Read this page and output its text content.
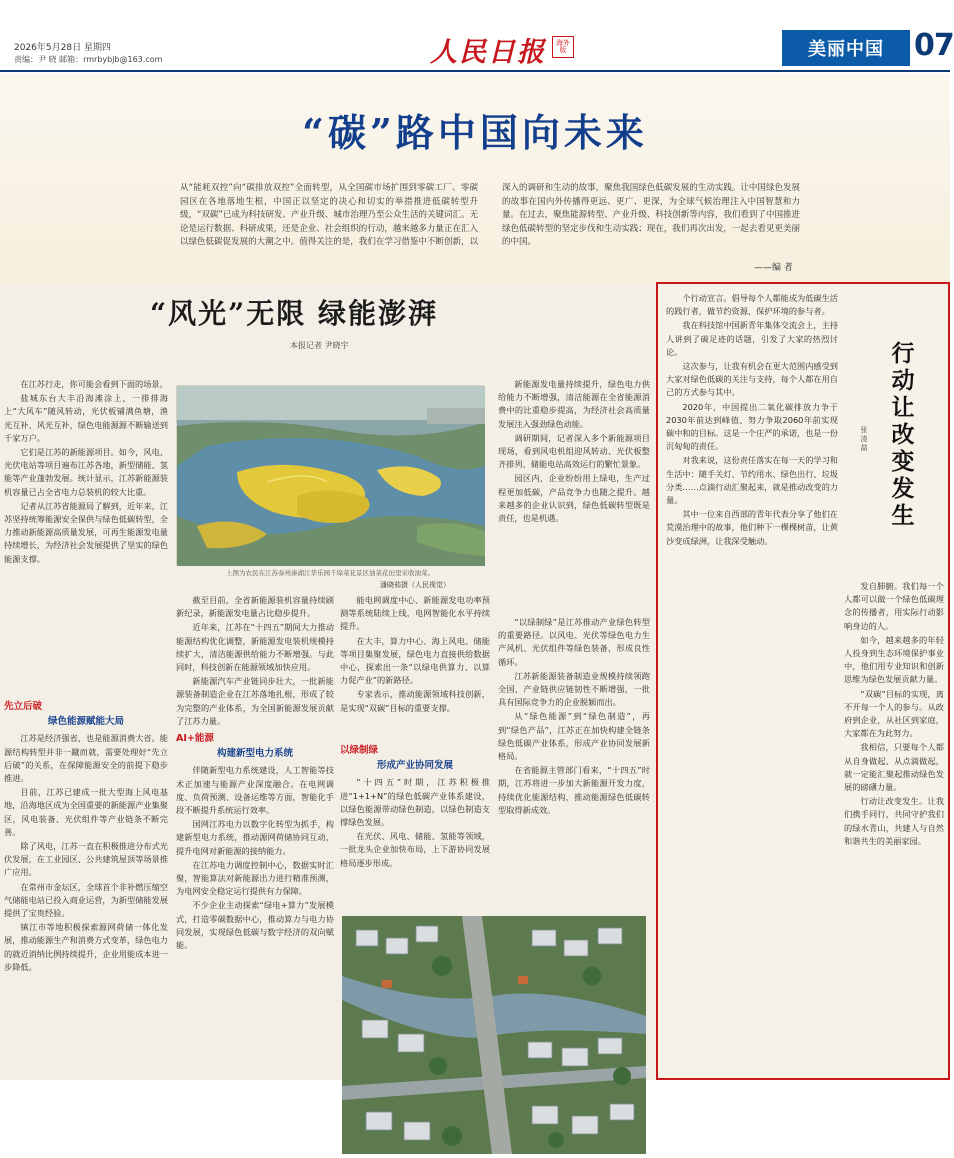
2026年5月28日 星期四
责编：尹 晓 邮箱：rmrbybjb@163.com	人民日报	海外版	美丽中国	07
“碳”路中国向未来
从“能耗双控”向“碳排放双控”全面转型，从全国碳市场扩围到零碳工厂、零碳园区在各地落地生根，中国正以坚定的决心和切实的举措推进低碳转型升级，“双碳”已成为科技研发、产业升级、城市治理乃至公众生活的关键词汇。无论是运行数据、科研成果，还是企业、社会组织的行动，越来越多力量正在汇入以绿色低碳促发展的大潮之中。值得关注的是，我们在学习借鉴中不断创新，以深入的调研和生动的故事，聚焦我国绿色低碳发展的生动实践。让中国绿色发展的故事在国内外传播得更远、更广、更深，为全球气候治理注入中国智慧和力量。在过去，聚焦能源转型、产业升级、科技创新等内容，我们看到了中国推进绿色低碳转型的坚定步伐和生动实践；现在，我们再次出发，一起去看见更美丽的中国。
——编 者
“风光”无限 绿能澎湃
本报记者 尹晓宇

在江苏行走，你可能会看到下面的场景。

盐城东台大丰沿海滩涂上，一排排海上“大风车”随风转动，光伏板铺满鱼塘，渔光互补、风光互补，绿色电能源源不断输送到千家万户。

它们是江苏的新能源项目。如今，风电、光伏电站等项目遍布江苏各地，新型储能、氢能等产业蓬勃发展。统计显示，江苏新能源装机容量已占全省电力总装机的较大比重。

记者从江苏省能源局了解到，近年来，江苏坚持统筹能源安全保供与绿色低碳转型，全力推动新能源高质量发展，可再生能源发电量持续增长，为经济社会发展提供了坚实的绿色能源支撑。

先立后破
绿色能源赋能大局

江苏是经济强省，也是能源消费大省。能源结构转型并非一蹴而就，需要处理好“先立后破”的关系，在保障能源安全的前提下稳步推进。

目前，江苏已建成一批大型海上风电基地，沿海地区成为全国重要的新能源产业集聚区，风电装备、光伏组件等产业链条不断完善。

除了风电，江苏一直在积极推进分布式光伏发展，在工业园区、公共建筑屋顶等场景推广应用。

在常州市金坛区，全球首个非补燃压缩空气储能电站已投入商业运营，为新型储能发展提供了宝贵经验。

镇江市等地积极探索源网荷储一体化发展，推动能源生产和消费方式变革，绿色电力的就近消纳比例持续提升，企业用能成本进一步降低。

上图为农民在江苏泰州溱湖江华乐园千垛菜花景区油菜花田里采收油菜。
潘晓茹摄（人民视觉）

截至目前，全省新能源装机容量持续刷新纪录，新能源发电量占比稳步提升。

近年来，江苏在“十四五”期间大力推动能源结构优化调整，新能源发电装机规模持续扩大，清洁能源供给能力不断增强。与此同时，科技创新在能源领域加快应用。

新能源汽车产业链同步壮大，一批新能源装备制造企业在江苏落地扎根，形成了较为完整的产业体系，为全国新能源发展贡献了江苏力量。

AI+能源
构建新型电力系统

伴随新型电力系统建设，人工智能等技术正加速与能源产业深度融合。在电网调度、负荷预测、设备运维等方面，智能化手段不断提升系统运行效率。

国网江苏电力以数字化转型为抓手，构建新型电力系统，推动源网荷储协同互动，提升电网对新能源的接纳能力。

在江苏电力调度控制中心，数据实时汇聚，智能算法对新能源出力进行精准预测，为电网安全稳定运行提供有力保障。

不少企业主动探索“绿电+算力”发展模式，打造零碳数据中心，推动算力与电力协同发展，实现绿色低碳与数字经济的双向赋能。

能电网调度中心、新能源发电功率预测等系统陆续上线，电网智能化水平持续提升。

在大丰，算力中心、海上风电、储能等项目集聚发展，绿色电力直接供给数据中心，探索出一条“以绿电供算力、以算力促产业”的新路径。

专家表示，推动能源领域科技创新，是实现“双碳”目标的重要支撑。

以绿制绿
形成产业协同发展

“十四五”时期，江苏积极推进“1+1+N”的绿色低碳产业体系建设，以绿色能源带动绿色制造，以绿色制造支撑绿色发展。

在光伏、风电、储能、氢能等领域，一批龙头企业加快布局，上下游协同发展格局逐步形成。

新能源发电量持续提升，绿色电力供给能力不断增强，清洁能源在全省能源消费中的比重稳步提高，为经济社会高质量发展注入强劲绿色动能。

调研期间，记者深入多个新能源项目现场，看到风电机组迎风转动、光伏板整齐排列、储能电站高效运行的繁忙景象。

园区内，企业纷纷用上绿电，生产过程更加低碳，产品竞争力也随之提升。越来越多的企业认识到，绿色低碳转型既是责任，也是机遇。

“以绿制绿”是江苏推动产业绿色转型的重要路径。以风电、光伏等绿色电力生产风机、光伏组件等绿色装备，形成良性循环。

江苏新能源装备制造业规模持续领跑全国，产业链供应链韧性不断增强，一批具有国际竞争力的企业脱颖而出。

从“绿色能源”到“绿色制造”，再到“绿色产品”，江苏正在加快构建全链条绿色低碳产业体系，形成产业协同发展新格局。

在省能源主管部门看来，“十四五”时期，江苏将进一步加大新能源开发力度，持续优化能源结构，推动能源绿色低碳转型取得新成效。

个行动宣言。倡导每个人都能成为低碳生活的践行者，做节约资源、保护环境的参与者。

我在科技馆中国新青年集体交流会上，主持人讲到了碳足迹的话题，引发了大家的热烈讨论。

这次参与，让我有机会在更大范围内感受到大家对绿色低碳的关注与支持，每个人都在用自己的方式参与其中。

2020年，中国提出二氧化碳排放力争于2030年前达到峰值、努力争取2060年前实现碳中和的目标。这是一个庄严的承诺，也是一份沉甸甸的责任。

对我来说，这份责任落实在每一天的学习和生活中：随手关灯、节约用水、绿色出行、垃圾分类……点滴行动汇聚起来，就是推动改变的力量。

其中一位来自西部的青年代表分享了他们在荒漠治理中的故事，他们种下一棵棵树苗，让黄沙变成绿洲，让我深受触动。

发自肺腑。我们每一个人都可以做一个绿色低碳理念的传播者，用实际行动影响身边的人。

如今，越来越多的年轻人投身到生态环境保护事业中，他们用专业知识和创新思维为绿色发展贡献力量。

“双碳”目标的实现，离不开每一个人的参与。从政府到企业，从社区到家庭，大家都在为此努力。

我相信，只要每个人都从自身做起、从点滴做起，就一定能汇聚起推动绿色发展的磅礴力量。

行动让改变发生。让我们携手同行，共同守护我们的绿水青山，共建人与自然和谐共生的美丽家园。

行
动
让
改
变
发
生
张
凌
喆
